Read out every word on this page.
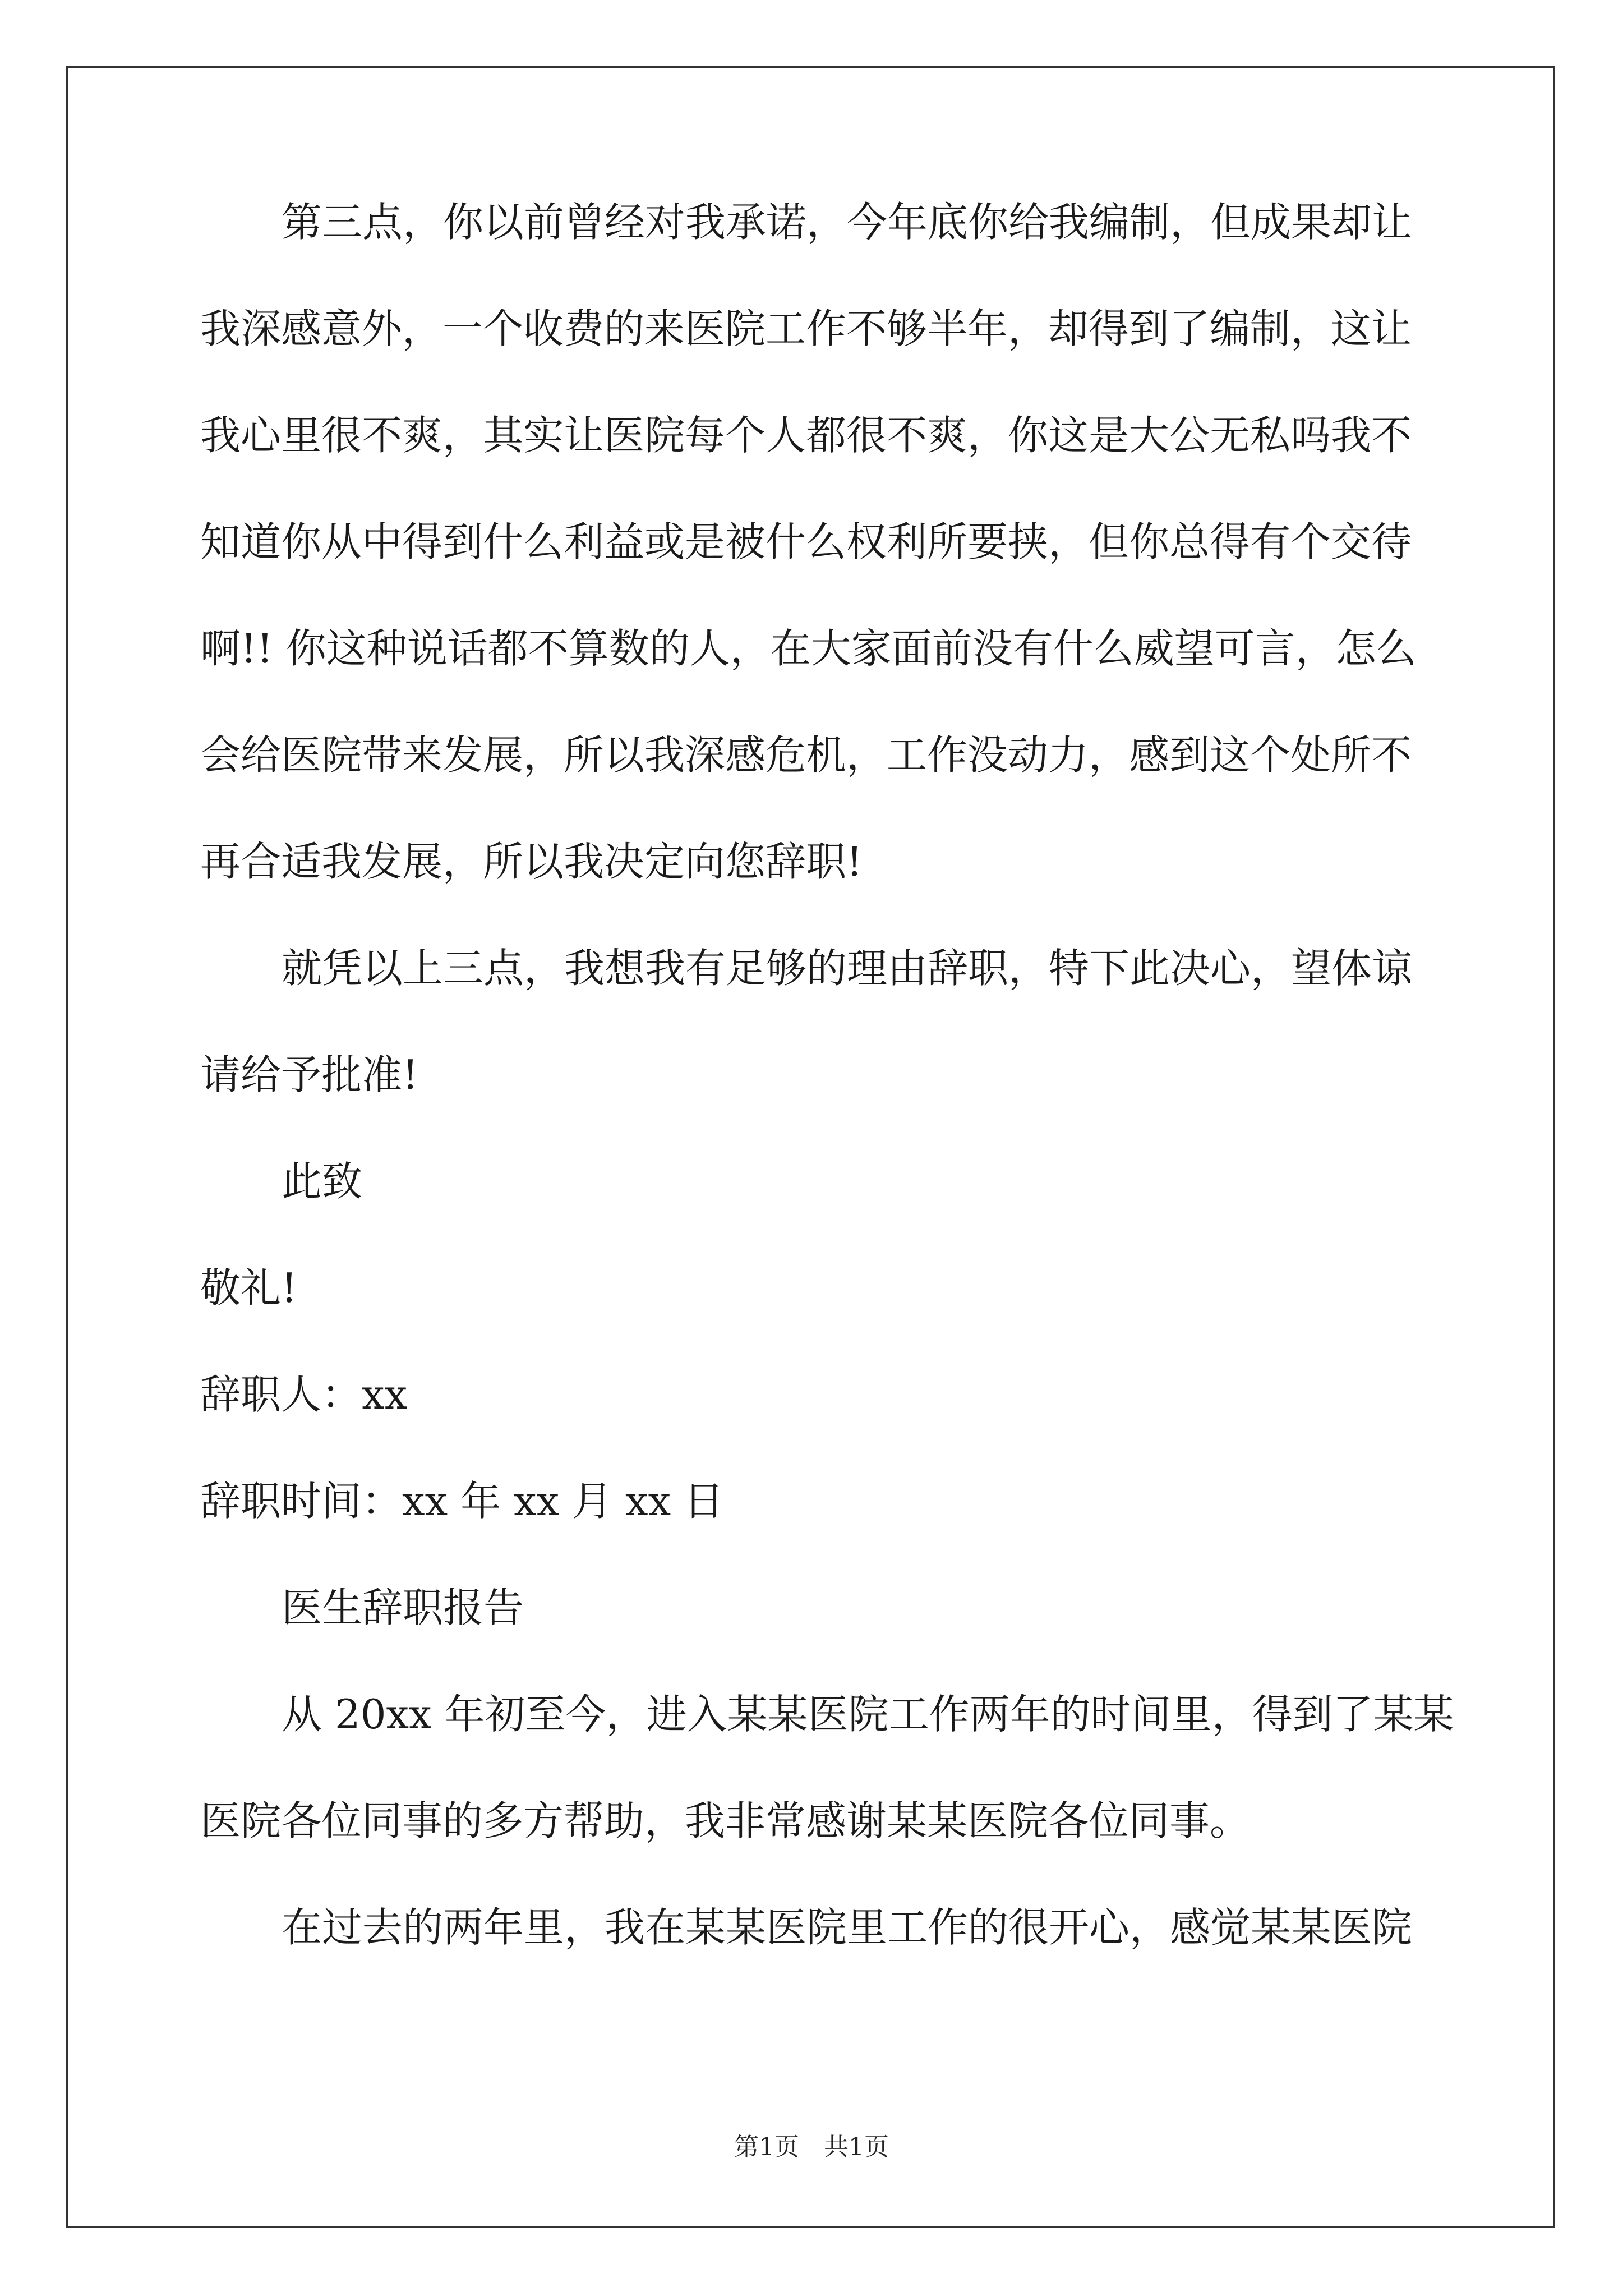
第三点，你以前曾经对我承诺，今年底你给我编制，但成果却让
我深感意外，一个收费的来医院工作不够半年，却得到了编制，这让
我心里很不爽，其实让医院每个人都很不爽，你这是大公无私吗我不
知道你从中得到什么利益或是被什么权利所要挟，但你总得有个交待
啊!! 你这种说话都不算数的人，在大家面前没有什么威望可言，怎么
会给医院带来发展，所以我深感危机，工作没动力，感到这个处所不
再合适我发展，所以我决定向您辞职!
就凭以上三点，我想我有足够的理由辞职，特下此决心，望体谅
请给予批准!
此致
敬礼!
辞职人：xx
辞职时间：xx 年 xx 月 xx 日
医生辞职报告
从 20xx 年初至今，进入某某医院工作两年的时间里，得到了某某
医院各位同事的多方帮助，我非常感谢某某医院各位同事。
在过去的两年里，我在某某医院里工作的很开心，感觉某某医院
第1页　共1页
